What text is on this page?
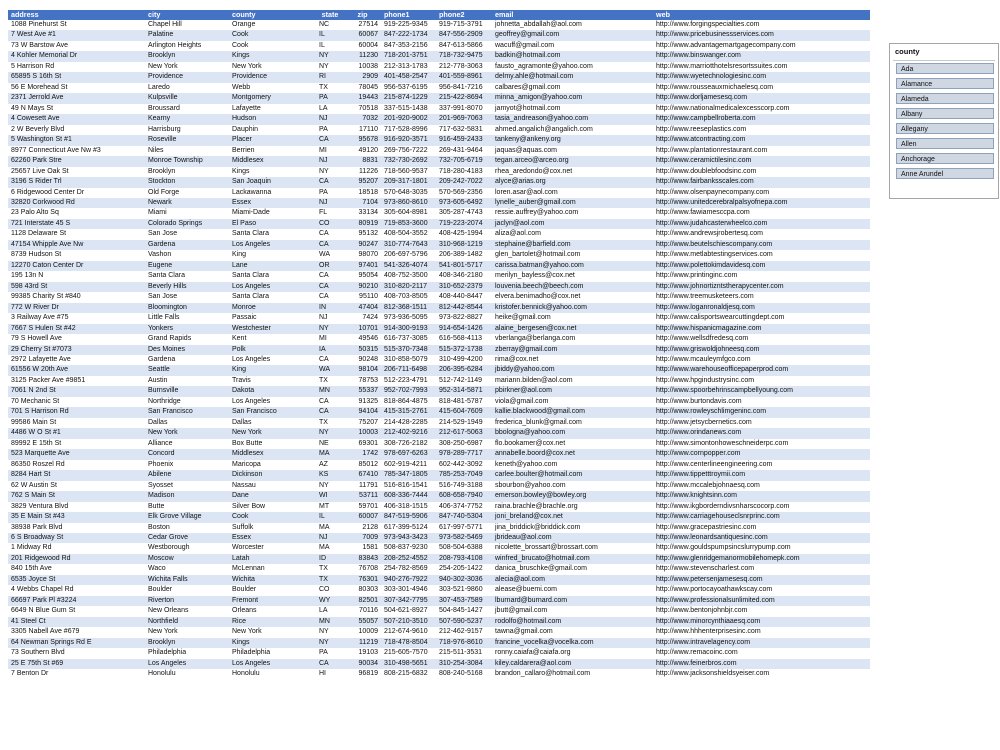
address	city	county	state	zip	phone1	phone2	email	web
1088 Pinehurst St	Chapel Hill	Orange	NC	27514	919-225-9345	919-715-3791	johnetta_abdallah@aol.com	http://www.forgingspecialties.com
7 West Ave #1	Palatine	Cook	IL	60067	847-222-1734	847-556-2909	geoffrey@gmail.com	http://www.pricebusinessservices.com
73 W Barstow Ave	Arlington Heights	Cook	IL	60004	847-353-2156	847-613-5866	wacuff@gmail.com	http://www.advantagemartgagecompany.com
4 Kohler Memorial Dr	Brooklyn	Kings	NY	11230	718-201-3751	718-732-9475	badkin@hotmail.com	http://www.binswanger.com
5 Harrison Rd	New York	New York	NY	10038	212-313-1783	212-778-3063	fausto_agramonte@yahoo.com	http://www.marriotthotelsresortssuites.com
65895 S 16th St	Providence	Providence	RI	2909	401-458-2547	401-559-8961	delmy.ahle@hotmail.com	http://www.wyetechnologiesinc.com
56 E Morehead St	Laredo	Webb	TX	78045	956-537-6195	956-841-7216	calbares@gmail.com	http://www.rousseauxmichaelesq.com
2371 Jerrold Ave	Kulpsville	Montgomery	PA	19443	215-874-1229	215-422-8694	minna_amigon@yahoo.com	http://www.dorljamesesq.com
49 N Mays St	Broussard	Lafayette	LA	70518	337-515-1438	337-991-8070	jamyot@hotmail.com	http://www.nationalmedicalexcesscorp.com
4 Cowesett Ave	Kearny	Hudson	NJ	7032	201-920-9002	201-969-7063	tasia_andreason@yahoo.com	http://www.campbellroberta.com
2 W Beverly Blvd	Harrisburg	Dauphin	PA	17110	717-528-8996	717-632-5831	ahmed.angalich@angalich.com	http://www.reeseplastics.com
5 Washington St #1	Roseville	Placer	CA	95678	916-920-3571	916-459-2433	tankeny@ankeny.org	http://www.atcontracting.com
8977 Connecticut Ave Nw #3	Niles	Berrien	MI	49120	269-756-7222	269-431-9464	jaquas@aquas.com	http://www.plantationrestaurant.com
62260 Park Stre	Monroe Township	Middlesex	NJ	8831	732-730-2692	732-705-6719	tegan.arceo@arceo.org	http://www.ceramictilesinc.com
25657 Live Oak St	Brooklyn	Kings	NY	11226	718-560-9537	718-280-4183	rhea_aredondo@cox.net	http://www.doublebfoodsinc.com
3196 S Rider Trl	Stockton	San Joaquin	CA	95207	209-317-1801	209-242-7022	alyce@arias.org	http://www.fairbanksscales.com
6 Ridgewood Center Dr	Old Forge	Lackawanna	PA	18518	570-648-3035	570-569-2356	loren.asar@aol.com	http://www.olsenpaynecompany.com
32820 Corkwood Rd	Newark	Essex	NJ	7104	973-860-8610	973-605-6492	lynelle_auber@gmail.com	http://www.unitedcerebralpalsyofnepa.com
23 Palo Alto Sq	Miami	Miami-Dade	FL	33134	305-604-8981	305-287-4743	ressie.auffrey@yahoo.com	http://www.fawiamesccpa.com
721 Interstate 45 S	Colorado Springs	El Paso	CO	80919	719-853-3600	719-223-2074	jaclyn@aol.com	http://www.judahcasterwheelco.com
1128 Delaware St	San Jose	Santa Clara	CA	95132	408-504-3552	408-425-1994	aliza@aol.com	http://www.andrewsjrobertesq.com
47154 Whipple Ave Nw	Gardena	Los Angeles	CA	90247	310-774-7643	310-968-1219	stephaine@barfield.com	http://www.beutelschiescompany.com
8739 Hudson St	Vashon	King	WA	98070	206-697-5796	206-389-1482	glen_bartolet@hotmail.com	http://www.metlabtestingservices.com
12270 Caton Center Dr	Eugene	Lane	OR	97401	541-326-4074	541-801-5717	carissa.batman@yahoo.com	http://www.polettokimdavidesq.com
195 13n N	Santa Clara	Santa Clara	CA	95054	408-752-3500	408-346-2180	merilyn_bayless@cox.net	http://www.printinginc.com
598 43rd St	Beverly Hills	Los Angeles	CA	90210	310-820-2117	310-652-2379	louvenia.beech@beech.com	http://www.johnortizntstherapycenter.com
99385 Charity St #840	San Jose	Santa Clara	CA	95110	408-703-8505	408-440-8447	elvera.benimadho@cox.net	http://www.treemusketeers.com
772 W River Dr	Bloomington	Monroe	IN	47404	812-368-1511	812-442-8544	kristofer.bennick@yahoo.com	http://www.loganronaldjesq.com
3 Railway Ave #75	Little Falls	Passaic	NJ	7424	973-936-5095	973-822-8827	heike@gmail.com	http://www.calisportswearcuttingdept.com
7667 S Hulen St #42	Yonkers	Westchester	NY	10701	914-300-9193	914-654-1426	alaine_bergesen@cox.net	http://www.hispanicmagazine.com
79 S Howell Ave	Grand Rapids	Kent	MI	49546	616-737-3085	616-568-4113	vberlanga@berlanga.com	http://www.wellsdfredesq.com
29 Cherry St #7073	Des Moines	Polk	IA	50315	515-370-7348	515-372-1738	zberray@gmail.com	http://www.griswoldjohneesq.com
2972 Lafayette Ave	Gardena	Los Angeles	CA	90248	310-858-5079	310-499-4200	rima@cox.net	http://www.mcauleymfgco.com
61556 W 20th Ave	Seattle	King	WA	98104	206-711-6498	206-395-6284	jbiddy@yahoo.com	http://www.warehouseofficepaperprod.com
3125 Packer Ave #9851	Austin	Travis	TX	78753	512-223-4791	512-742-1149	mariann.bilden@aol.com	http://www.hpgindustrysinc.com
7061 N 2nd St	Burnsville	Dakota	MN	55337	952-702-7993	952-314-5871	pbirkner@aol.com	http://www.spoorbehrinscampbellyoung.com
70 Mechanic St	Northridge	Los Angeles	CA	91325	818-864-4875	818-481-5787	viola@gmail.com	http://www.burtondavis.com
701 S Harrison Rd	San Francisco	San Francisco	CA	94104	415-315-2761	415-604-7609	kallie.blackwood@gmail.com	http://www.rowleyschlimgeninc.com
99586 Main St	Dallas	Dallas	TX	75207	214-428-2285	214-529-1949	frederica_blunk@gmail.com	http://www.jetsycbernetics.com
4486 W O St #1	New York	New York	NY	10003	212-402-9216	212-617-5063	bbologna@yahoo.com	http://www.orindanews.com
89992 E 15th St	Alliance	Box Butte	NE	69301	308-726-2182	308-250-6987	flo.bookamer@cox.net	http://www.simontonhoweschneiderpc.com
523 Marquette Ave	Concord	Middlesex	MA	1742	978-697-6263	978-289-7717	annabelle.boord@cox.net	http://www.cornpopper.com
86350 Roszel Rd	Phoenix	Maricopa	AZ	85012	602-919-4211	602-442-3092	keneth@yahoo.com	http://www.centerlineengineering.com
8284 Hart St	Abilene	Dickinson	KS	67410	785-347-1805	785-253-7049	carlee.boulter@hotmail.com	http://www.tippetttroymii.com
62 W Austin St	Syosset	Nassau	NY	11791	516-816-1541	516-749-3188	sbourbon@yahoo.com	http://www.mccalebjohnaesq.com
762 S Main St	Madison	Dane	WI	53711	608-336-7444	608-658-7940	emerson.bowley@bowley.org	http://www.knightsinn.com
3829 Ventura Blvd	Butte	Silver Bow	MT	59701	406-318-1515	406-374-7752	raina.brachle@brachle.org	http://www.ikgborderndivsnharscocorp.com
35 E Main St #43	Elk Grove Village	Cook	IL	60007	847-519-5906	847-740-5304	joni_breland@cox.net	http://www.carriagehouseclsnrprinc.com
38938 Park Blvd	Boston	Suffolk	MA	2128	617-399-5124	617-997-5771	jina_briddick@briddick.com	http://www.gracepastriesinc.com
6 S Broadway St	Cedar Grove	Essex	NJ	7009	973-943-3423	973-582-5469	jbrideau@aol.com	http://www.leonardsantiquesinc.com
1 Midway Rd	Westborough	Worcester	MA	1581	508-837-9230	508-504-6388	nicolette_brossart@brossart.com	http://www.gouldspumpsincslurrypump.com
201 Ridgewood Rd	Moscow	Latah	ID	83843	208-252-4552	208-793-4108	winfred_brucato@hotmail.com	http://www.glenridgemanormobilehomepk.com
840 15th Ave	Waco	McLennan	TX	76708	254-782-8569	254-205-1422	danica_bruschke@gmail.com	http://www.stevenscharlest.com
6535 Joyce St	Wichita Falls	Wichita	TX	76301	940-276-7922	940-302-3036	alecia@aol.com	http://www.petersenjamesesq.com
4 Webbs Chapel Rd	Boulder	Boulder	CO	80303	303-301-4946	303-521-9860	alease@buemi.com	http://www.portocayoathawkscay.com
66697 Park Pl #3224	Riverton	Fremont	WY	82501	307-342-7795	307-453-7589	lburnard@burnard.com	http://www.professionalsunlimited.com
6649 N Blue Gum St	New Orleans	Orleans	LA	70116	504-621-8927	504-845-1427	jbutt@gmail.com	http://www.bentonjohnbjr.com
41 Steel Ct	Northfield	Rice	MN	55057	507-210-3510	507-590-5237	rodolfo@hotmail.com	http://www.minorcynthiaaesq.com
3305 Nabell Ave #679	New York	New York	NY	10009	212-674-9610	212-462-9157	tawna@gmail.com	http://www.hhhenterprisesinc.com
64 Newman Springs Rd E	Brooklyn	Kings	NY	11219	718-478-8504	718-976-8610	francine_vocelka@vocelka.com	http://www.intravelagency.com
73 Southern Blvd	Philadelphia	Philadelphia	PA	19103	215-605-7570	215-511-3531	ronny.caiafa@caiafa.org	http://www.remacoinc.com
25 E 75th St #69	Los Angeles	Los Angeles	CA	90034	310-498-5651	310-254-3084	kiley.caldarera@aol.com	http://www.feinerbros.com
7 Benton Dr	Honolulu	Honolulu	HI	96819	808-215-6832	808-240-5168	brandon_callaro@hotmail.com	http://www.jacksonshieldsyeiser.com
county
Ada
Alamance
Alameda
Albany
Allegany
Allen
Anchorage
Anne Arundel
